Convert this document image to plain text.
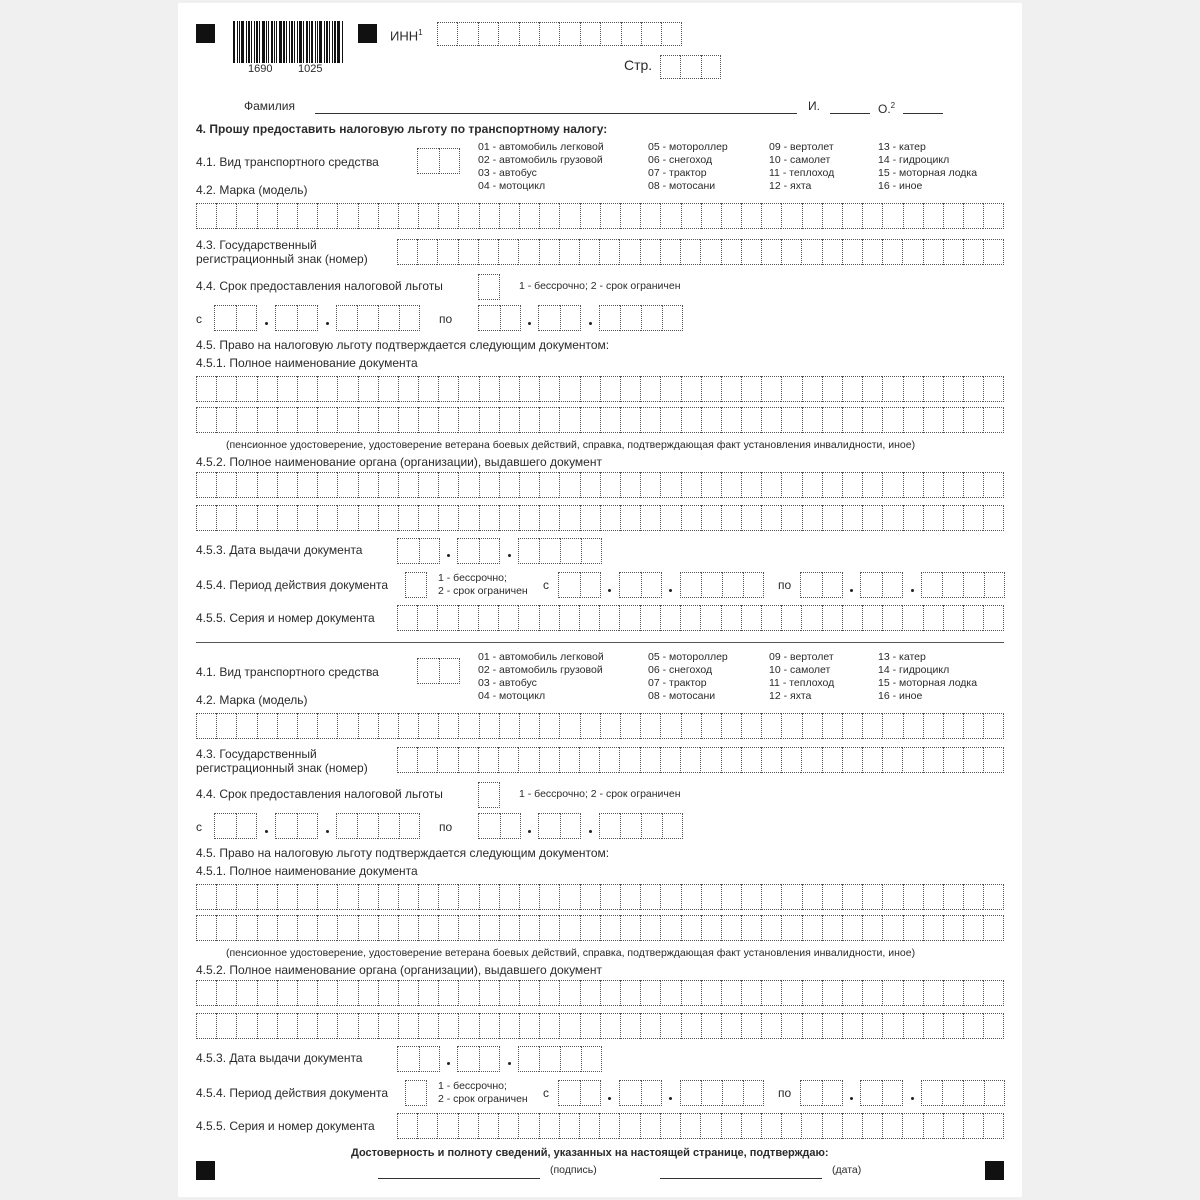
1690 1025
ИНН$^1$
Стр.
Фамилия	И.	О.$^2$
4. Прошу предоставить налоговую льготу по транспортному налогу:
4.1. Вид транспортного средства
01 - автомобиль легковой
02 - автомобиль грузовой
03 - автобус
04 - мотоцикл
05 - мотороллер
06 - снегоход
07 - трактор
08 - мотосани
09 - вертолет
10 - самолет
11 - теплоход
12 - яхта
13 - катер
14 - гидроцикл
15 - моторная лодка
16 - иное
4.2. Марка (модель)
4.3. Государственный
регистрационный знак (номер)
4.4. Срок предоставления налоговой льготы	1 - бессрочно; 2 - срок ограничен
с	по
4.5. Право на налоговую льготу подтверждается следующим документом:
4.5.1. Полное наименование документа
(пенсионное удостоверение, удостоверение ветерана боевых действий, справка, подтверждающая факт установления инвалидности, иное)
4.5.2. Полное наименование органа (организации), выдавшего документ
4.5.3. Дата выдачи документа
4.5.4. Период действия документа	1 - бессрочно;
2 - срок ограничен с	по
4.5.5. Серия и номер документа
4.1. Вид транспортного средства
01 - автомобиль легковой
02 - автомобиль грузовой
03 - автобус
04 - мотоцикл
05 - мотороллер
06 - снегоход
07 - трактор
08 - мотосани
09 - вертолет
10 - самолет
11 - теплоход
12 - яхта
13 - катер
14 - гидроцикл
15 - моторная лодка
16 - иное
4.2. Марка (модель)
4.3. Государственный
регистрационный знак (номер)
4.4. Срок предоставления налоговой льготы	1 - бессрочно; 2 - срок ограничен
с	по
4.5. Право на налоговую льготу подтверждается следующим документом:
4.5.1. Полное наименование документа
(пенсионное удостоверение, удостоверение ветерана боевых действий, справка, подтверждающая факт установления инвалидности, иное)
4.5.2. Полное наименование органа (организации), выдавшего документ
4.5.3. Дата выдачи документа
4.5.4. Период действия документа	1 - бессрочно;
2 - срок ограничен с	по
4.5.5. Серия и номер документа
Достоверность и полноту сведений, указанных на настоящей странице, подтверждаю:
(подпись)	(дата)
